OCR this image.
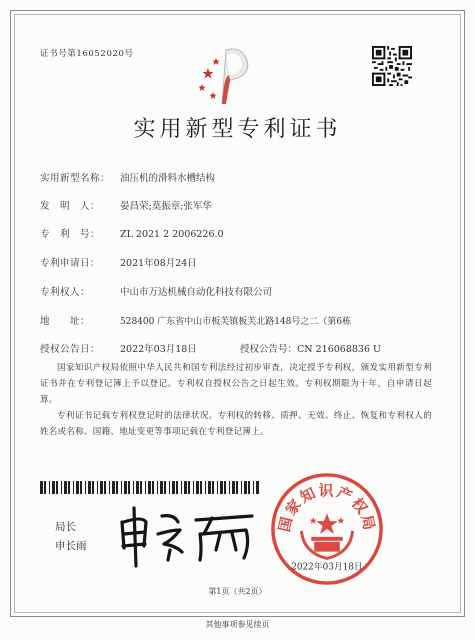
证书号第16052020号
实用新型专利证书
实用新型名称： 油压机的滑料水槽结构
发　明　人： 晏昌荣;莫振章;张军华
专　利　号： ZL 2021 2 2006226.0
专利申请日： 2021年08月24日
专利权人：	中山市万达机械自动化科技有限公司
地　　址：	528400 广东省中山市板芙镇板芙北路148号之二（第6栋
授权公告日： 2022年03月18日	授权公告号：CN 216068836 U
国家知识产权局依照中华人民共和国专利法经过初步审查，决定授予专利权，颁发实用新型专利证书并在专利登记簿上予以登记。专利权自授权公告之日起生效。专利权期限为十年，自申请日起算。
专利证书记载专利权登记时的法律状况。专利权的转移、质押、无效、终止、恢复和专利权人的姓名或名称、国籍、地址变更等事项记载在专利登记簿上。
局长
申长雨
国家知识产权局
2022年03月18日
第1页（共2页）
其他事项参见续页
